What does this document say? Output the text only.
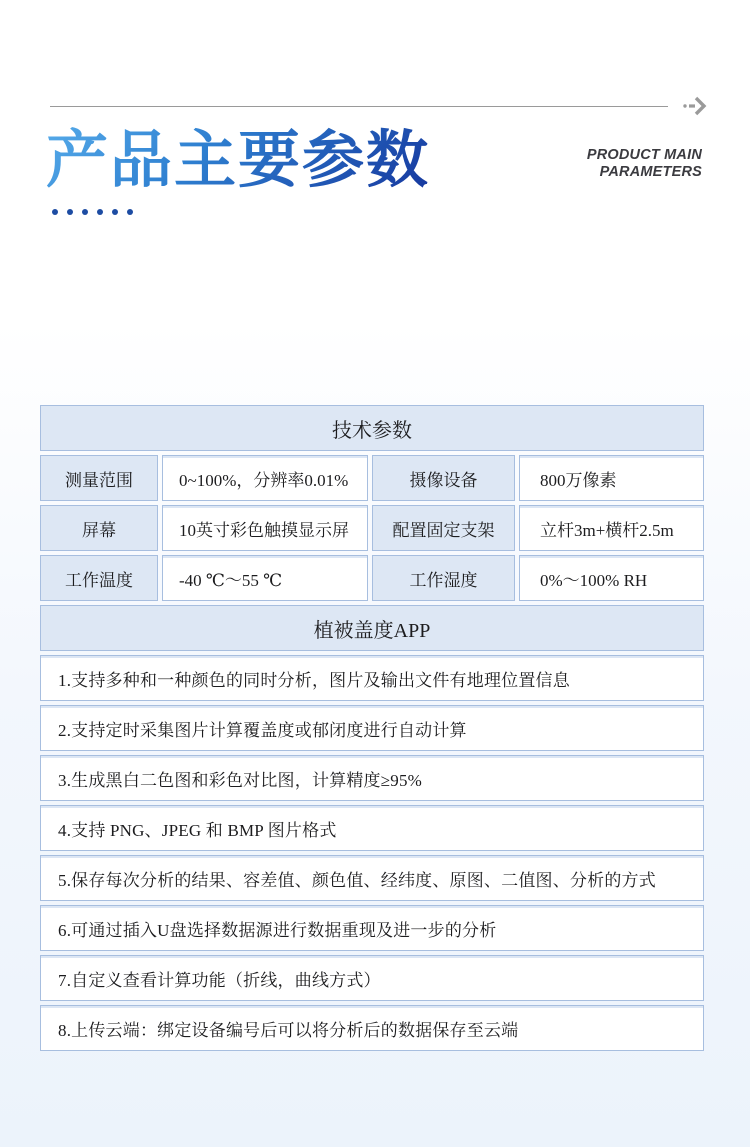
产品主要参数	PRODUCT MAIN
PARAMETERS
技术参数
测量范围	0~100%，分辨率0.01%	摄像设备	800万像素
屏幕	10英寸彩色触摸显示屏	配置固定支架	立杆3m+横杆2.5m
工作温度	-40 ℃～55 ℃	工作湿度	0%～100% RH
植被盖度APP
1.支持多种和一种颜色的同时分析，图片及输出文件有地理位置信息
2.支持定时采集图片计算覆盖度或郁闭度进行自动计算
3.生成黑白二色图和彩色对比图，计算精度≥95%
4.支持 PNG、JPEG 和 BMP 图片格式
5.保存每次分析的结果、容差值、颜色值、经纬度、原图、二值图、分析的方式
6.可通过插入U盘选择数据源进行数据重现及进一步的分析
7.自定义查看计算功能（折线，曲线方式）
8.上传云端：绑定设备编号后可以将分析后的数据保存至云端
